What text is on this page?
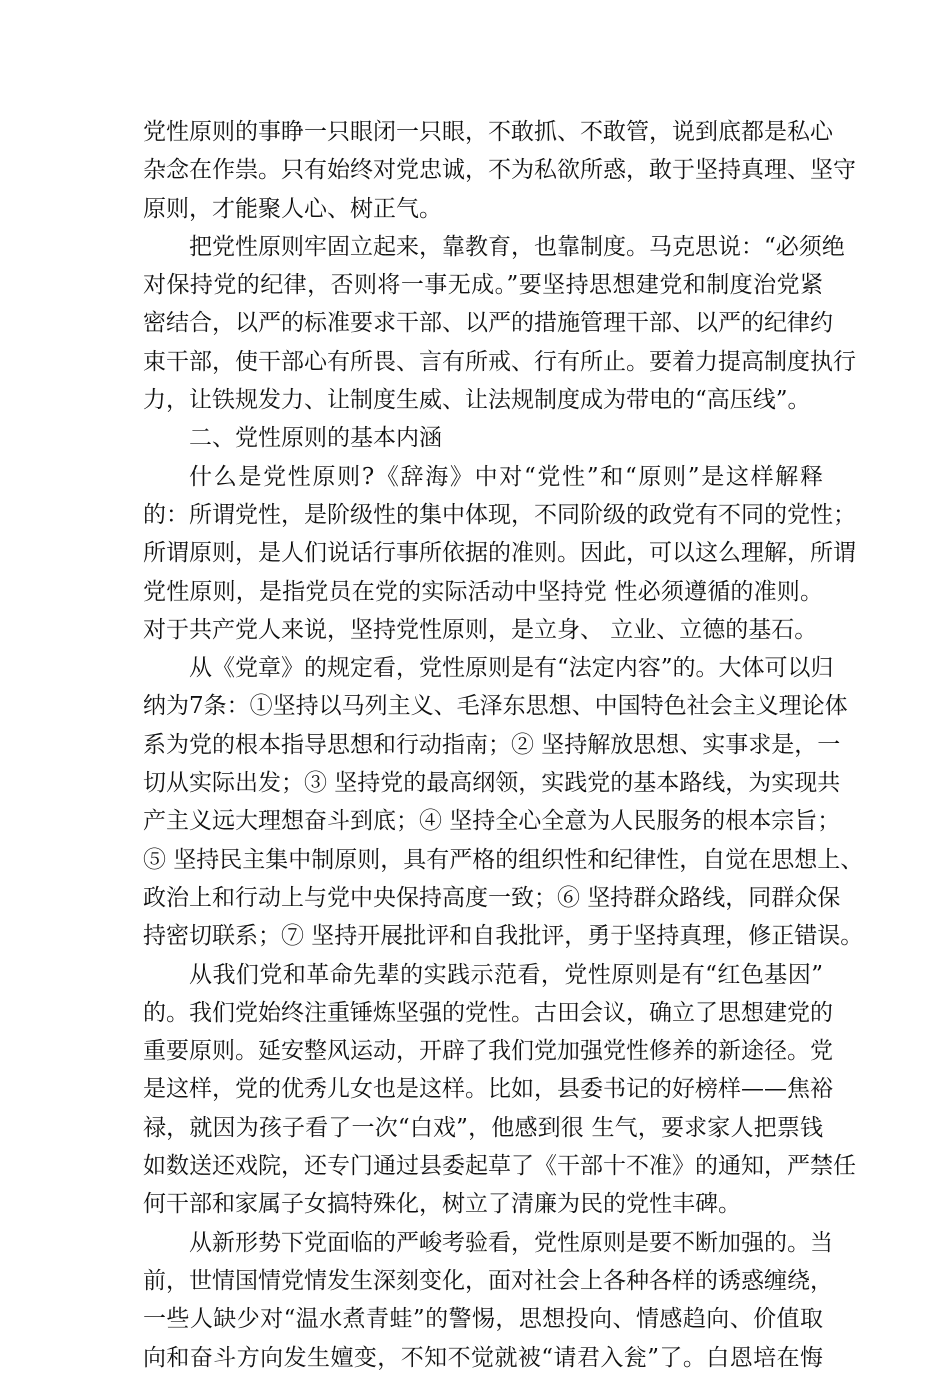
党性原则的事睁一只眼闭一只眼，不敢抓、不敢管，说到底都是私心
杂念在作祟。只有始终对党忠诚，不为私欲所惑，敢于坚持真理、坚守
原则，才能聚人心、树正气。
把党性原则牢固立起来，靠教育，也靠制度。马克思说：“必须绝
对保持党的纪律，否则将一事无成。”要坚持思想建党和制度治党紧
密结合，以严的标准要求干部、以严的措施管理干部、以严的纪律约
束干部，使干部心有所畏、言有所戒、行有所止。要着力提高制度执行
力，让铁规发力、让制度生威、让法规制度成为带电的“高压线”。
二、党性原则的基本内涵
什么是党性原则?《辞海》中对“党性”和“原则”是这样解释
的：所谓党性，是阶级性的集中体现，不同阶级的政党有不同的党性；
所谓原则，是人们说话行事所依据的准则。因此，可以这么理解，所谓
党性原则，是指党员在党的实际活动中坚持党 性必须遵循的准则。
对于共产党人来说，坚持党性原则，是立身、 立业、立德的基石。
从《党章》的规定看，党性原则是有“法定内容”的。大体可以归
纳为7条：①坚持以马列主义、毛泽东思想、中国特色社会主义理论体
系为党的根本指导思想和行动指南；② 坚持解放思想、实事求是，一
切从实际出发；③ 坚持党的最高纲领，实践党的基本路线，为实现共
产主义远大理想奋斗到底；④ 坚持全心全意为人民服务的根本宗旨；
⑤ 坚持民主集中制原则，具有严格的组织性和纪律性，自觉在思想上、
政治上和行动上与党中央保持高度一致；⑥ 坚持群众路线，同群众保
持密切联系；⑦ 坚持开展批评和自我批评，勇于坚持真理，修正错误。
从我们党和革命先辈的实践示范看，党性原则是有“红色基因”
的。我们党始终注重锤炼坚强的党性。古田会议，确立了思想建党的
重要原则。延安整风运动，开辟了我们党加强党性修养的新途径。党
是这样，党的优秀儿女也是这样。比如，县委书记的好榜样——焦裕
禄，就因为孩子看了一次“白戏”，他感到很 生气，要求家人把票钱
如数送还戏院，还专门通过县委起草了《干部十不准》的通知，严禁任
何干部和家属子女搞特殊化，树立了清廉为民的党性丰碑。
从新形势下党面临的严峻考验看，党性原则是要不断加强的。当
前，世情国情党情发生深刻变化，面对社会上各种各样的诱惑缠绕，
一些人缺少对“温水煮青蛙”的警惕，思想投向、情感趋向、价值取
向和奋斗方向发生嬗变，不知不觉就被“请君入瓮”了。白恩培在悔
